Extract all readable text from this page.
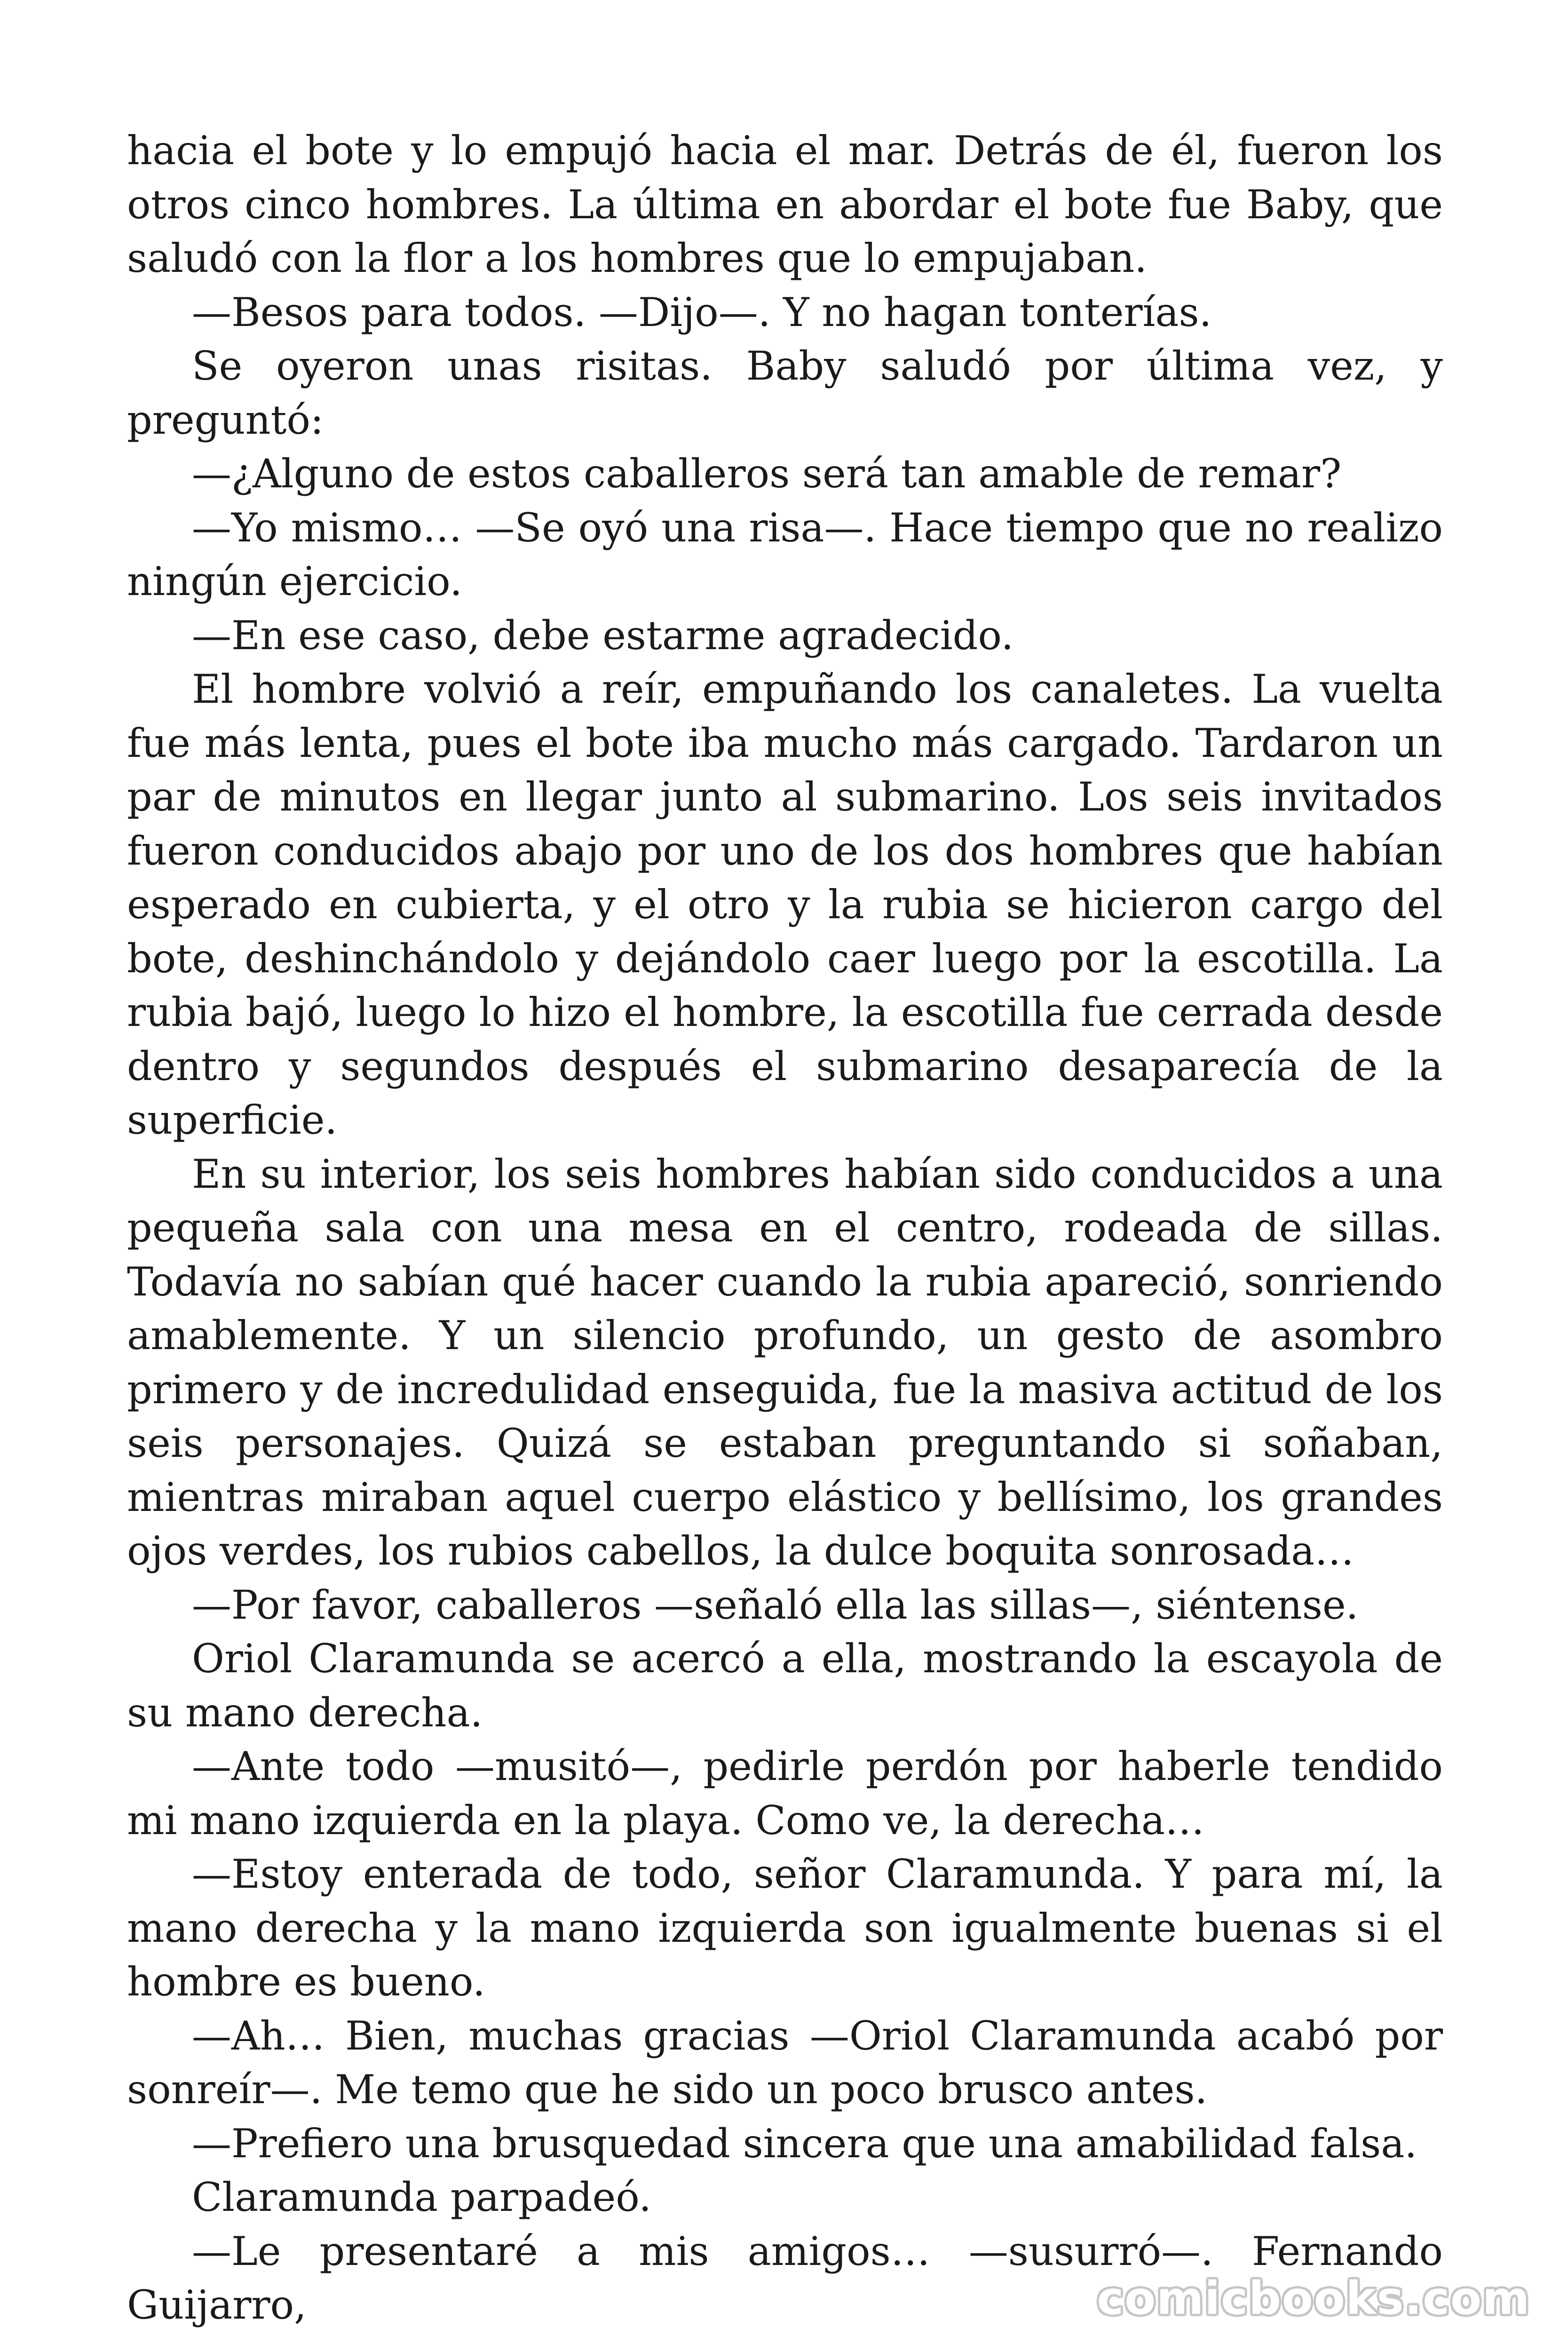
hacia el bote y lo empujó hacia el mar. Detrás de él, fueron los otros cinco hombres. La última en abordar el bote fue Baby, que saludó con la flor a los hombres que lo empujaban.

—Besos para todos. —Dijo—. Y no hagan tonterías.

Se oyeron unas risitas. Baby saludó por última vez, y preguntó:

—¿Alguno de estos caballeros será tan amable de remar?

—Yo mismo… —Se oyó una risa—. Hace tiempo que no realizo ningún ejercicio.

—En ese caso, debe estarme agradecido.

El hombre volvió a reír, empuñando los canaletes. La vuelta fue más lenta, pues el bote iba mucho más cargado. Tardaron un par de minutos en llegar junto al submarino. Los seis invitados fueron conducidos abajo por uno de los dos hombres que habían esperado en cubierta, y el otro y la rubia se hicieron cargo del bote, deshinchándolo y dejándolo caer luego por la escotilla. La rubia bajó, luego lo hizo el hombre, la escotilla fue cerrada desde dentro y segundos después el submarino desaparecía de la superficie.

En su interior, los seis hombres habían sido conducidos a una pequeña sala con una mesa en el centro, rodeada de sillas. Todavía no sabían qué hacer cuando la rubia apareció, sonriendo amablemente. Y un silencio profundo, un gesto de asombro primero y de incredulidad enseguida, fue la masiva actitud de los seis personajes. Quizá se estaban preguntando si soñaban, mientras miraban aquel cuerpo elástico y bellísimo, los grandes ojos verdes, los rubios cabellos, la dulce boquita sonrosada…

—Por favor, caballeros —señaló ella las sillas—, siéntense.

Oriol Claramunda se acercó a ella, mostrando la escayola de su mano derecha.

—Ante todo —musitó—, pedirle perdón por haberle tendido mi mano izquierda en la playa. Como ve, la derecha…

—Estoy enterada de todo, señor Claramunda. Y para mí, la mano derecha y la mano izquierda son igualmente buenas si el hombre es bueno.

—Ah… Bien, muchas gracias —Oriol Claramunda acabó por sonreír—. Me temo que he sido un poco brusco antes.

—Prefiero una brusquedad sincera que una amabilidad falsa.

Claramunda parpadeó.

—Le presentaré a mis amigos… —susurró—. Fernando Guijarro,	comicbooks.com
